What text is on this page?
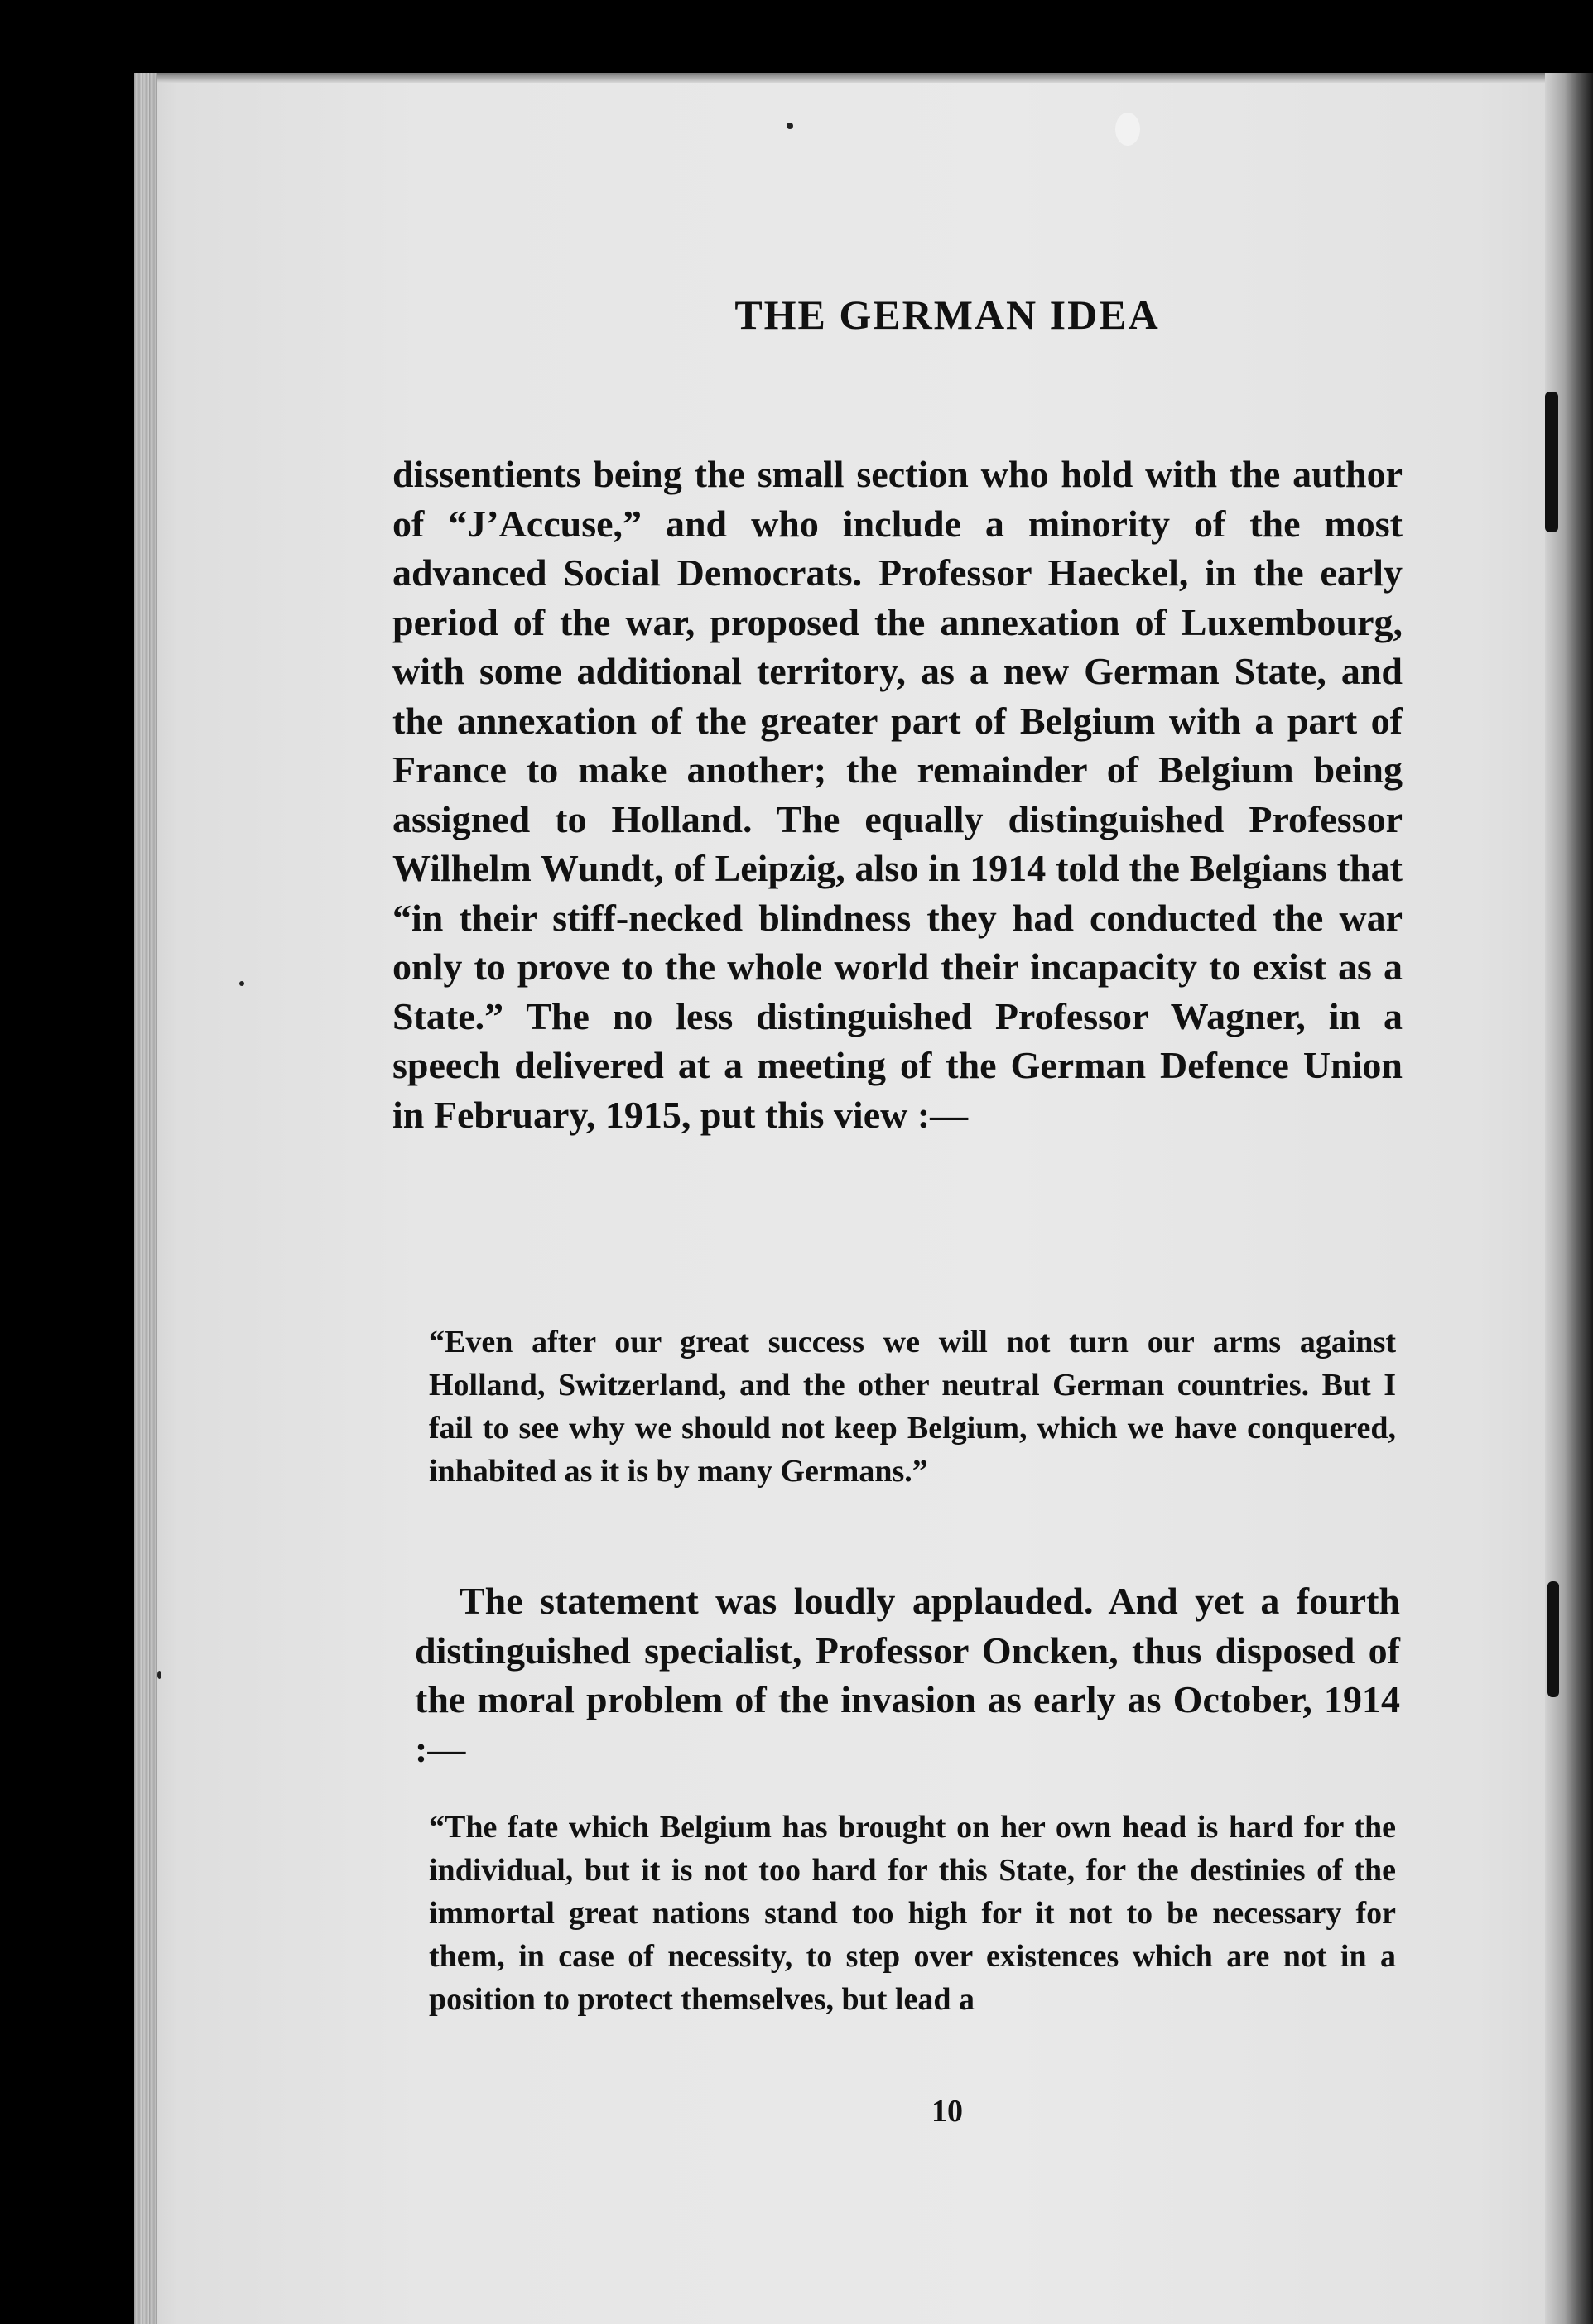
THE GERMAN IDEA

dissentients being the small section who hold with the author of “J’Accuse,” and who include a minority of the most advanced Social Democrats. Professor Haeckel, in the early period of the war, proposed the annexation of Luxembourg, with some additional territory, as a new German State, and the annexation of the greater part of Belgium with a part of France to make another; the remainder of Belgium being assigned to Holland. The equally distinguished Professor Wilhelm Wundt, of Leipzig, also in 1914 told the Belgians that “in their stiff-necked blindness they had conducted the war only to prove to the whole world their incapacity to exist as a State.” The no less distinguished Professor Wagner, in a speech delivered at a meeting of the German Defence Union in February, 1915, put this view :—

“Even after our great success we will not turn our arms against Holland, Switzerland, and the other neutral German countries. But I fail to see why we should not keep Belgium, which we have conquered, inhabited as it is by many Germans.”

The statement was loudly applauded. And yet a fourth distinguished specialist, Professor Oncken, thus disposed of the moral problem of the invasion as early as October, 1914 :—

“The fate which Belgium has brought on her own head is hard for the individual, but it is not too hard for this State, for the destinies of the immortal great nations stand too high for it not to be necessary for them, in case of necessity, to step over existences which are not in a position to protect themselves, but lead a

10
